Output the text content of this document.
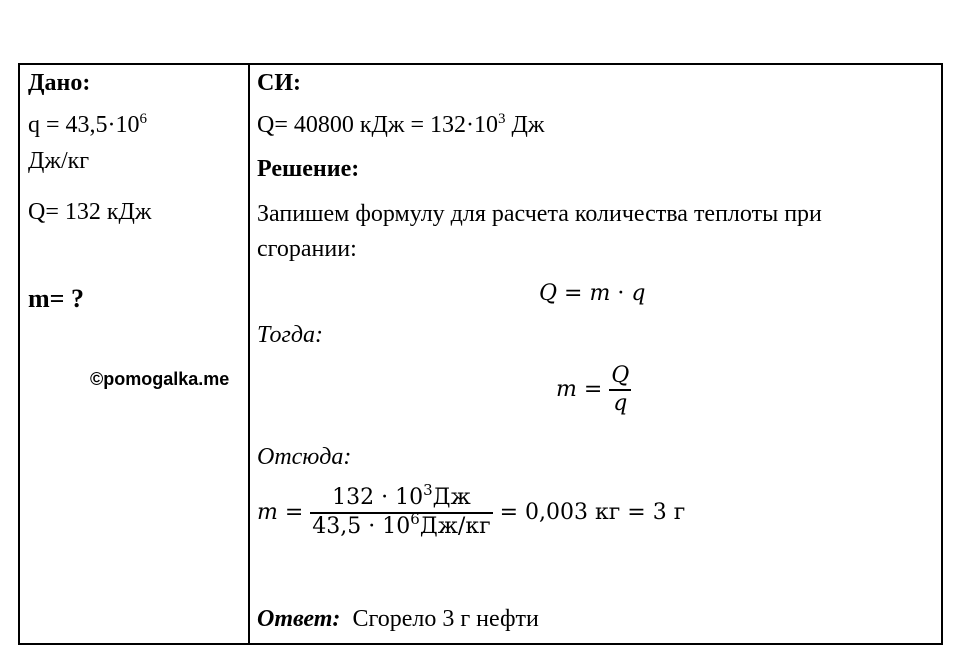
Дано:
$q = 43,5\cdot 10^6$
Дж/кг
Q= 132 кДж
m= ?
©pomogalka.me
СИ:
Q= 40800 кДж = $132\cdot 10^3$ Дж
Решение:
Запишем формулу для расчета количества теплоты при
сгорании:
Q = m · q
Тогда:
$m = \frac{Q}{q}$
Отсюда:
$m = \frac{132 \cdot 10^3Дж}{43,5 \cdot 10^6Дж/кг} = 0,003$ кг = 3 г
Ответ:  Сгорело 3 г нефти
